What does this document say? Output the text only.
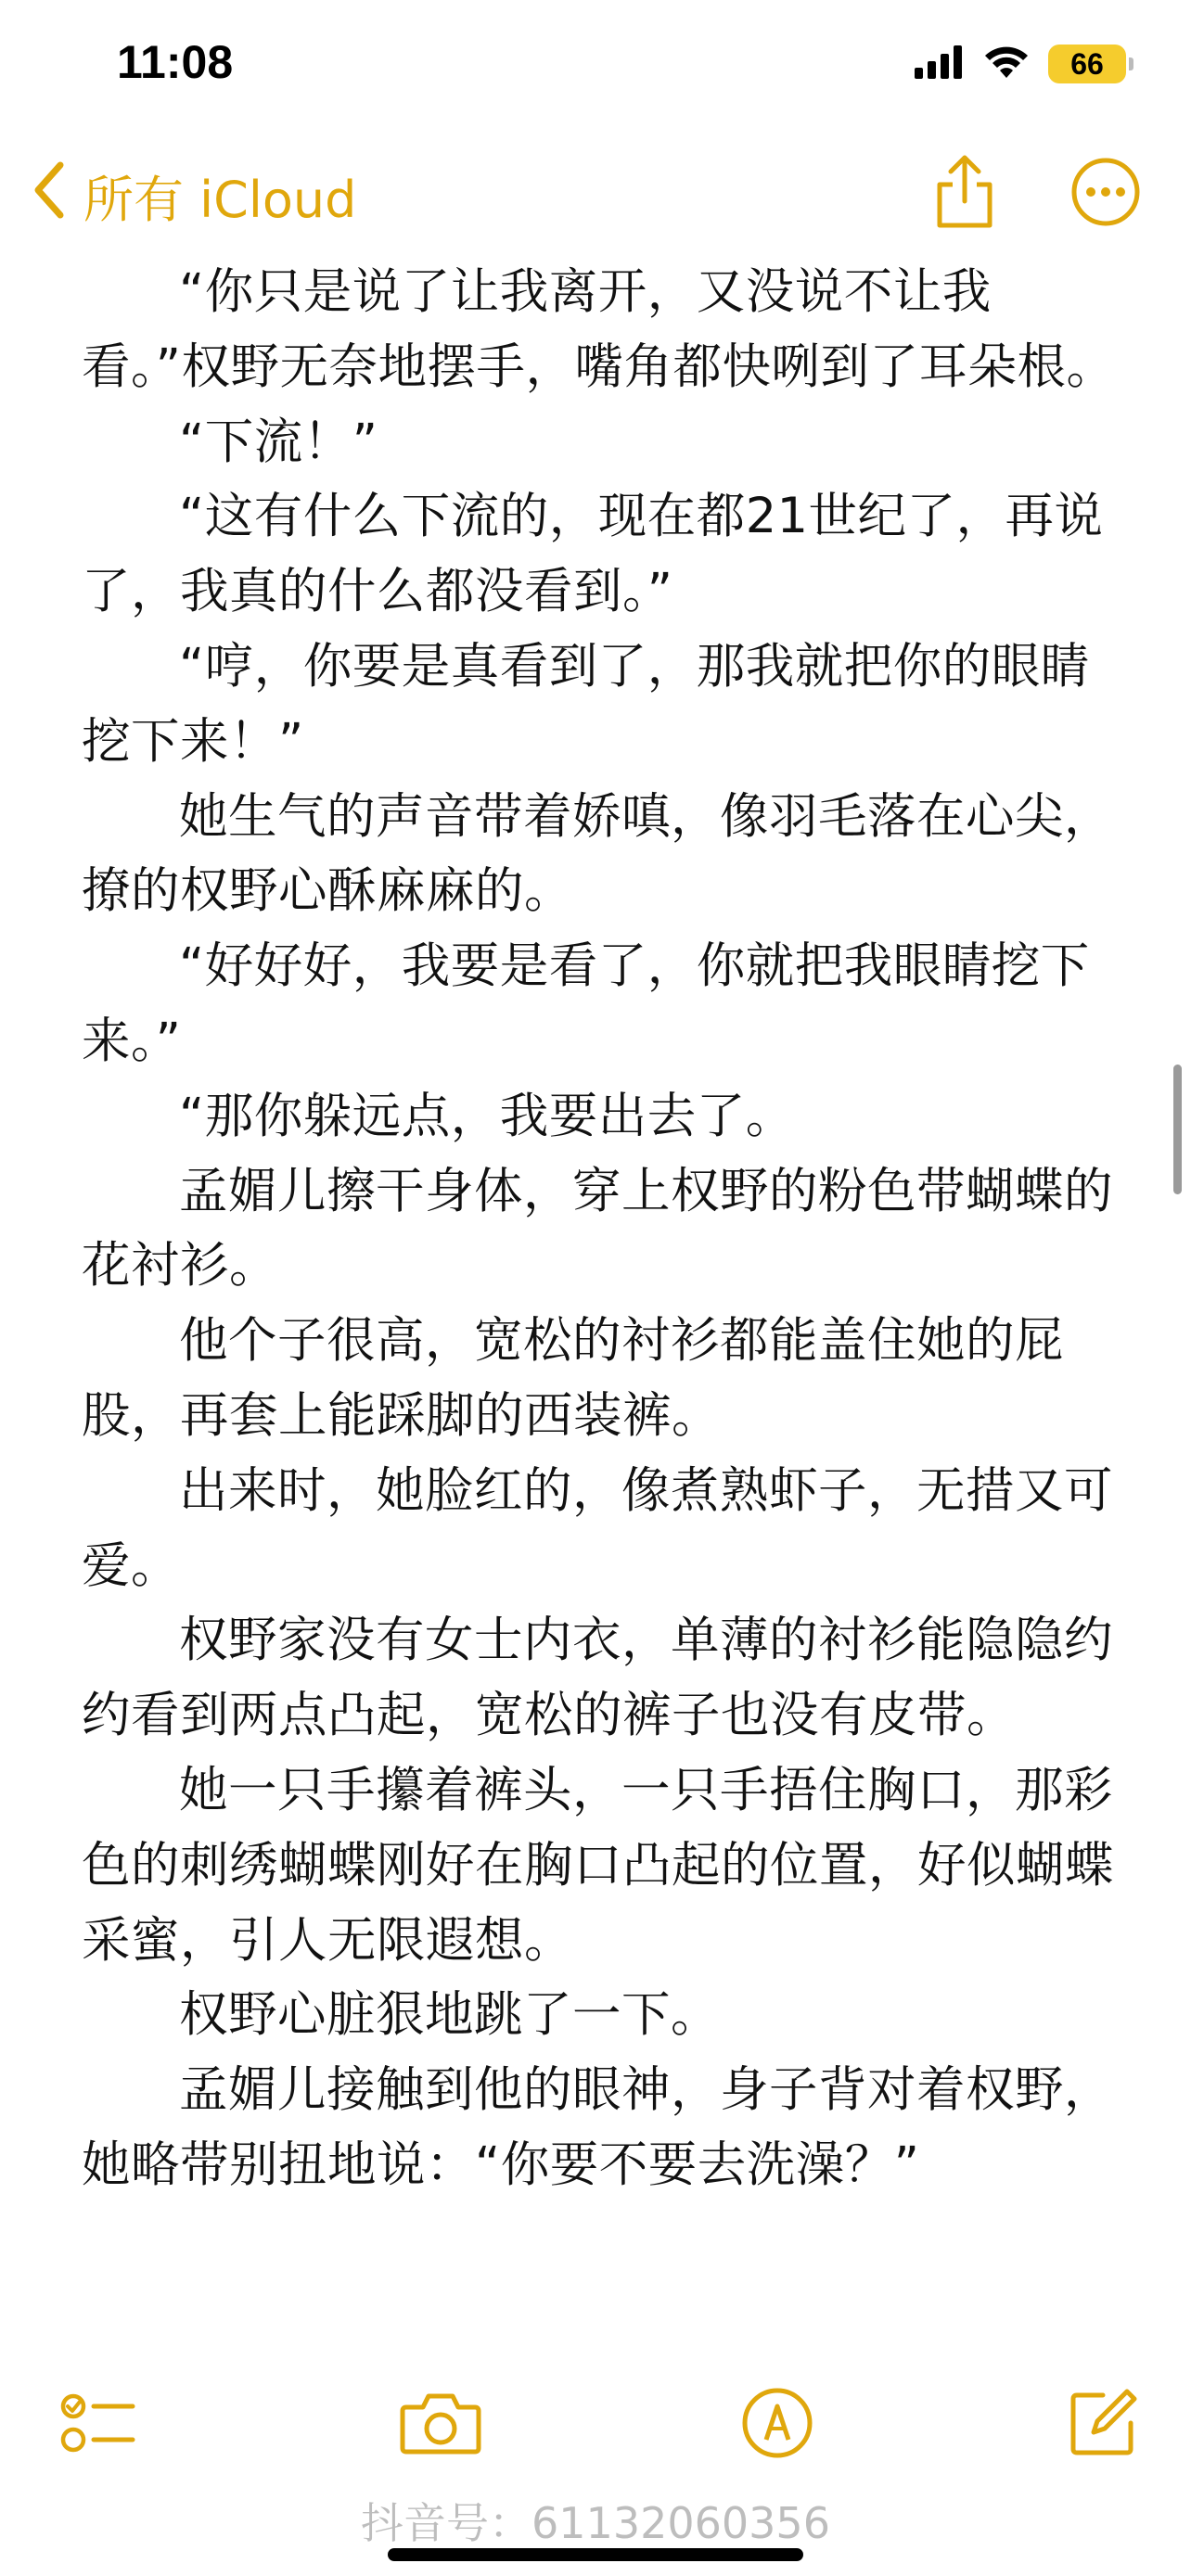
11:08	66
所有 iCloud

“你只是说了让我离开，又没说不让我看。”权野无奈地摆手，嘴角都快咧到了耳朵根。

“下流！”

“这有什么下流的，现在都21世纪了，再说了，我真的什么都没看到。”

“哼，你要是真看到了，那我就把你的眼睛挖下来！”

她生气的声音带着娇嗔，像羽毛落在心尖，撩的权野心酥麻麻的。

“好好好，我要是看了，你就把我眼睛挖下来。”

“那你躲远点，我要出去了。

孟媚儿擦干身体，穿上权野的粉色带蝴蝶的花衬衫。

他个子很高，宽松的衬衫都能盖住她的屁股，再套上能踩脚的西装裤。

出来时，她脸红的，像煮熟虾子，无措又可爱。

权野家没有女士内衣，单薄的衬衫能隐隐约约看到两点凸起，宽松的裤子也没有皮带。

她一只手攥着裤头，一只手捂住胸口，那彩色的刺绣蝴蝶刚好在胸口凸起的位置，好似蝴蝶采蜜，引人无限遐想。

权野心脏狠地跳了一下。

孟媚儿接触到他的眼神，身子背对着权野，她略带别扭地说：“你要不要去洗澡？”

抖音号：61132060356
